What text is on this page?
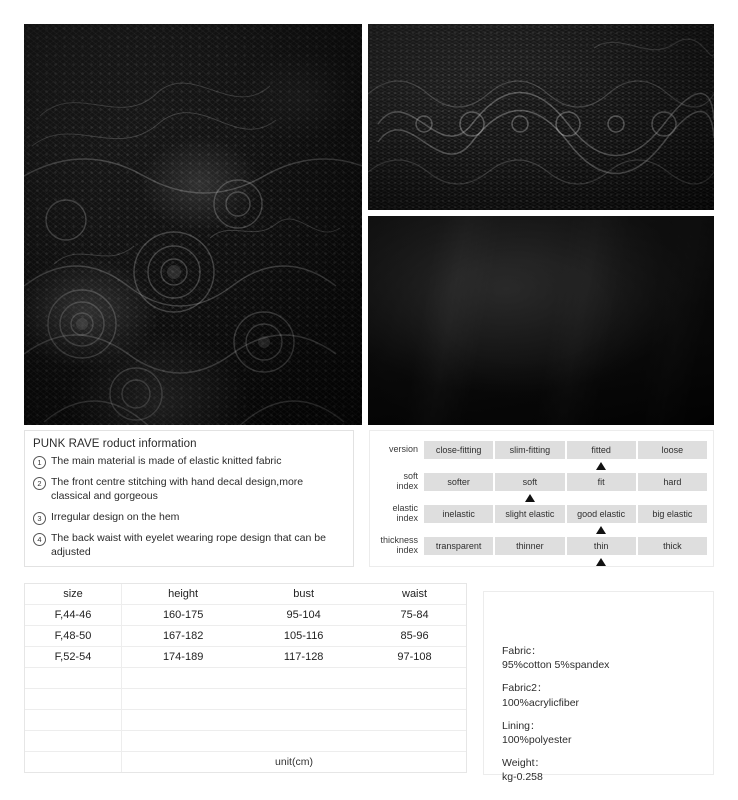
PUNK RAVE roduct information
1 The main material is made of elastic knitted fabric
2 The front centre stitching with hand decal design,more classical and gorgeous
3 Irregular design on the hem
4 The back waist with eyelet wearing rope design that can be adjusted
version	close-fitting	slim-fitting	fitted	loose
soft
index	softer	soft	fit	hard
elastic
index	inelastic	slight elastic	good elastic	big elastic
thickness
index	transparent	thinner	thin	thick
size	height	bust	waist
F,44-46	160-175	95-104	75-84
F,48-50	167-182	105-116	85-96
F,52-54	174-189	117-128	97-108

	unit(cm)		
Fabric：
95%cotton 5%spandex
Fabric2：
100%acrylicfiber
Lining：
100%polyester
Weight：
kg-0.258
